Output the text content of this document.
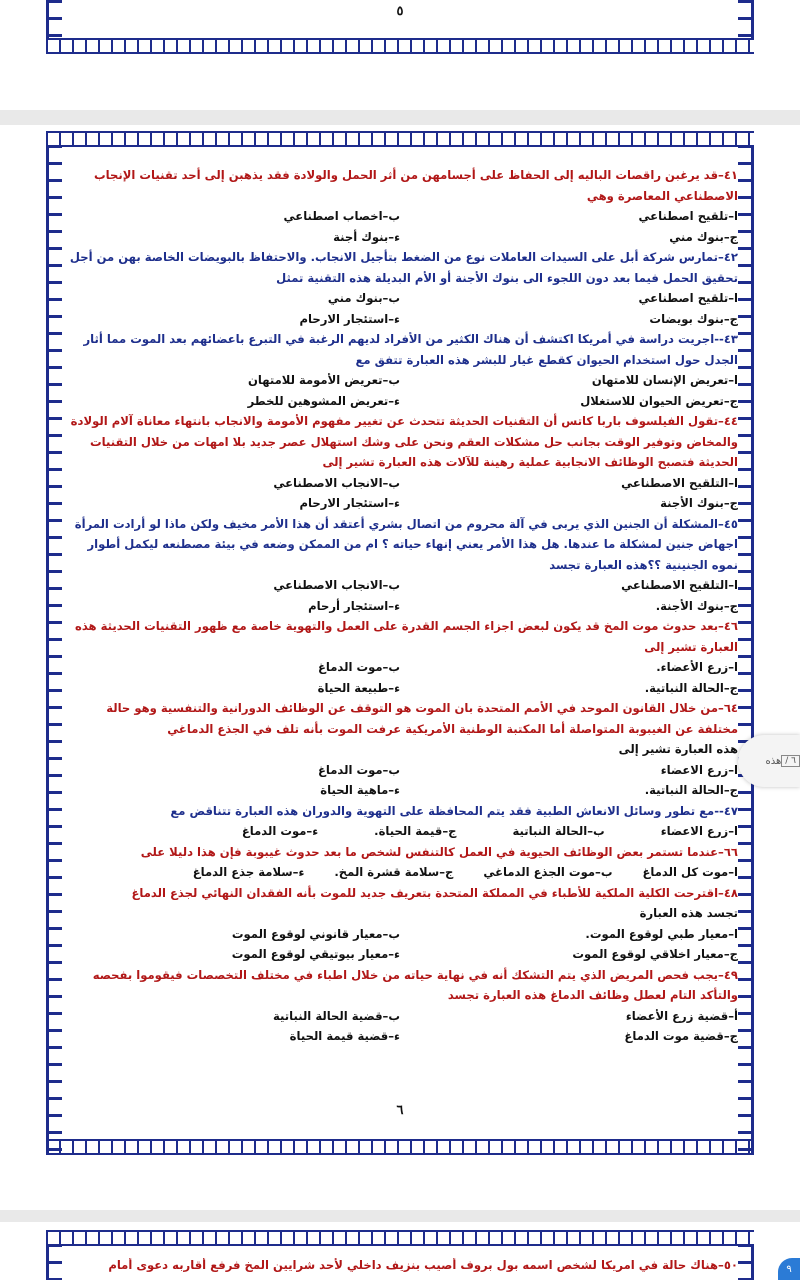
٥
٤١–قد يرغبن راقصات الباليه إلى الحفاظ على أجسامهن من أثر الحمل والولادة فقد يذهبن إلى أحد تقنيات الإنجاب الاصطناعي المعاصرة وهي
ا–تلقيح اصطناعي
ب–اخصاب اصطناعي
ج–بنوك مني
ء–بنوك أجنة
٤٢–تمارس شركة أبل على السيدات العاملات نوع من الضغط بتأجيل الانجاب. والاحتفاظ بالبويضات الخاصة بهن من أجل تحقيق الحمل فيما بعد دون اللجوء الى بنوك الأجنة أو الأم البديلة هذه التقنية تمثل
ا–تلقيح اصطناعي
ب–بنوك مني
ج–بنوك بويضات
ء–استئجار الارحام
٤٣--اجريت دراسة في أمريكا اكتشف أن هناك الكثير من الأفراد لديهم الرغبة في التبرع باعضائهم بعد الموت مما أثار الجدل حول استخدام الحيوان كقطع غيار للبشر هذه العبارة تتفق مع
ا–تعريض الإنسان للامتهان
ب–تعريض الأمومة للامتهان
ج–تعريض الحيوان للاستغلال
ء–تعريض المشوهين للخطر
٤٤–تقول الفيلسوف باربا كاتس أن التقنيات الحديثة تتحدث عن تغيير مفهوم الأمومة والانجاب بانتهاء معاناة آلام الولادة والمخاض وتوفير الوقت بجانب حل مشكلات العقم ونحن على وشك استهلال عصر جديد بلا امهات من خلال التقنيات الحديثة فتصبح الوظائف الانجابية عملية رهينة للآلات هذه العبارة تشير إلى
ا–التلقيح الاصطناعي
ب–الانجاب الاصطناعي
ج–بنوك الأجنة
ء–استئجار الارحام
٤٥–المشكلة أن الجنين الذي يربى في آلة محروم من اتصال بشري أعتقد أن هذا الأمر مخيف ولكن ماذا لو أرادت المرأة اجهاض جنين لمشكلة ما عندها. هل هذا الأمر يعني إنهاء حياته ؟ ام من الممكن وضعه في بيئة مصطنعه ليكمل أطوار نموه الجنينية ؟؟هذه العبارة تجسد
ا–التلقيح الاصطناعي
ب–الانجاب الاصطناعي
ج–بنوك الأجنة.
ء–استئجار أرحام
٤٦–بعد حدوث موت المخ قد يكون لبعض اجزاء الجسم القدرة على العمل والتهوية خاصة مع ظهور التقنيات الحديثة هذه العبارة تشير إلى
ا–زرع الأعضاء.
ب–موت الدماغ
ج–الحالة النباتية.
ء–طبيعة الحياة
٦٤–من خلال القانون الموحد في الأمم المتحدة بان الموت هو التوقف عن الوظائف الدورانية والتنفسية وهو حالة مختلفة عن الغيبوبة المتواصلة أما المكتبة الوطنية الأمريكية عرفت الموت بأنه تلف في الجذع الدماغي
هذه العبارة تشير إلى
ا–زرع الاعضاء
ب–موت الدماغ
ج–الحالة النباتية.
ء–ماهية الحياة
٤٧--مع تطور وسائل الانعاش الطبية فقد يتم المحافظة على التهوية والدوران هذه العبارة تتناقض مع
ا–زرع الاعضاء
ب–الحالة النباتية
ج–قيمة الحياة.
ء–موت الدماغ
٦٦–عندما تستمر بعض الوظائف الحيوية في العمل كالتنفس لشخص ما بعد حدوث غيبوبة فإن هذا دليلا على
ا–موت كل الدماغ
ب–موت الجذع الدماغي
ج–سلامة قشرة المخ.
ء–سلامة جذع الدماغ
٤٨–اقترحت الكلية الملكية للأطباء في المملكة المتحدة بتعريف جديد للموت بأنه الفقدان النهائي لجذع الدماغ
تجسد هذه العبارة
ا–معيار طبي لوقوع الموت.
ب–معيار قانوني لوقوع الموت
ج–معيار اخلاقي لوقوع الموت
ء–معيار بيوتيقي لوقوع الموت
٤٩–يجب فحص المريض الذي يتم التشكك أنه في نهاية حياته من خلال اطباء في مختلف التخصصات فيقوموا بفحصه والتأكد التام لعطل وظائف الدماغ هذه العبارة تجسد
أ–قضية زرع الأعضاء
ب–قضية الحالة النباتية
ج–قضية موت الدماغ
ء–قضية قيمة الحياة
٦
٦ /
هذه
٥٠–هناك حالة في امريكا لشخص اسمه بول بروف أصيب بنزيف داخلي لأحد شرايين المخ فرفع أقاربه دعوى أمام	٩
